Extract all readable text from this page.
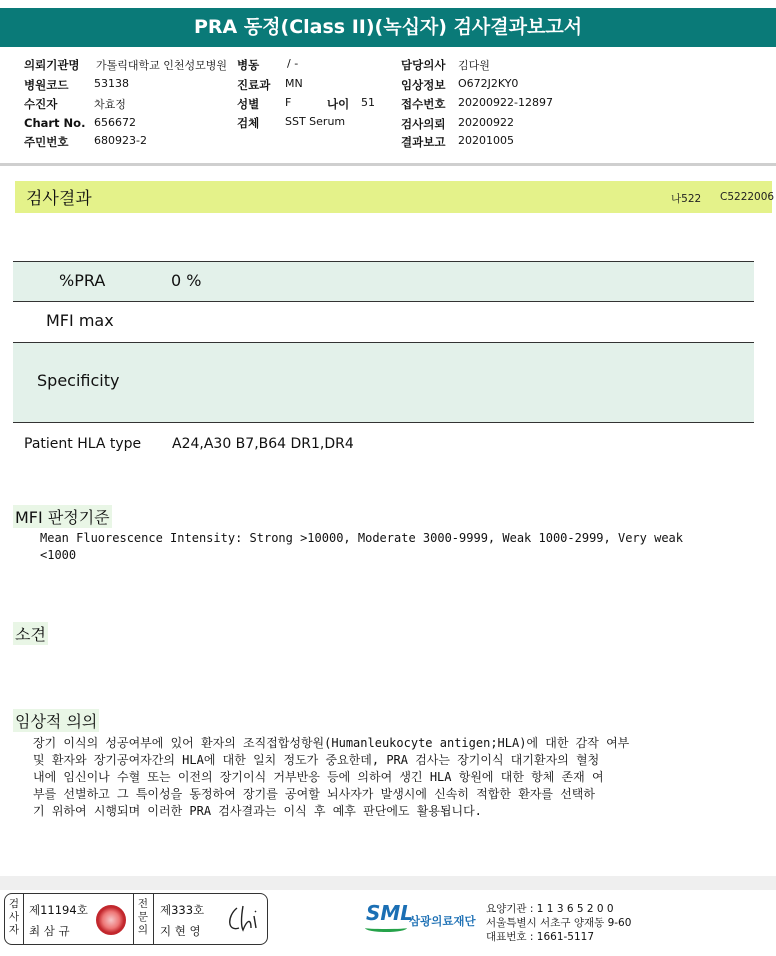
PRA 동정(Class II)(녹십자) 검사결과보고서
의뢰기관명 가톨릭대학교 인천성모병원 병동	/ -	담당의사 김다원
병원코드 53138	진료과 MN	임상정보 O672J2KY0
수진자	차효정	성별 F	나이 51 접수번호 20200922-12897
Chart No. 656672	검체 SST Serum	검사의뢰 20200922
주민번호 680923-2	결과보고 20201005
검사결과	나522 C5222006
%PRA	0 %
MFI max
Specificity
Patient HLA type A24,A30 B7,B64 DR1,DR4
MFI 판정기준
Mean Fluorescence Intensity: Strong >10000, Moderate 3000-9999, Weak 1000-2999, Very weak
<1000
소견
임상적 의의
장기 이식의 성공여부에 있어 환자의 조직접합성항원(Humanleukocyte antigen;HLA)에 대한 감작 여부
및 환자와 장기공여자간의 HLA에 대한 일치 정도가 중요한데, PRA 검사는 장기이식 대기환자의 혈청
내에 임신이나 수혈 또는 이전의 장기이식 거부반응 등에 의하여 생긴 HLA 항원에 대한 항체 존재 여
부를 선별하고 그 특이성을 동정하여 장기를 공여할 뇌사자가 발생시에 신속히 적합한 환자를 선택하
기 위하여 시행되며 이러한 PRA 검사결과는 이식 후 예후 판단에도 활용됩니다.
검
사
자
제11194호
최 삼 규
전
문
의
제333호
지 현 영
SML
삼광의료재단
요양기관 : 1 1 3 6 5 2 0 0
서울특별시 서초구 양재동 9-60
대표번호 : 1661-5117
